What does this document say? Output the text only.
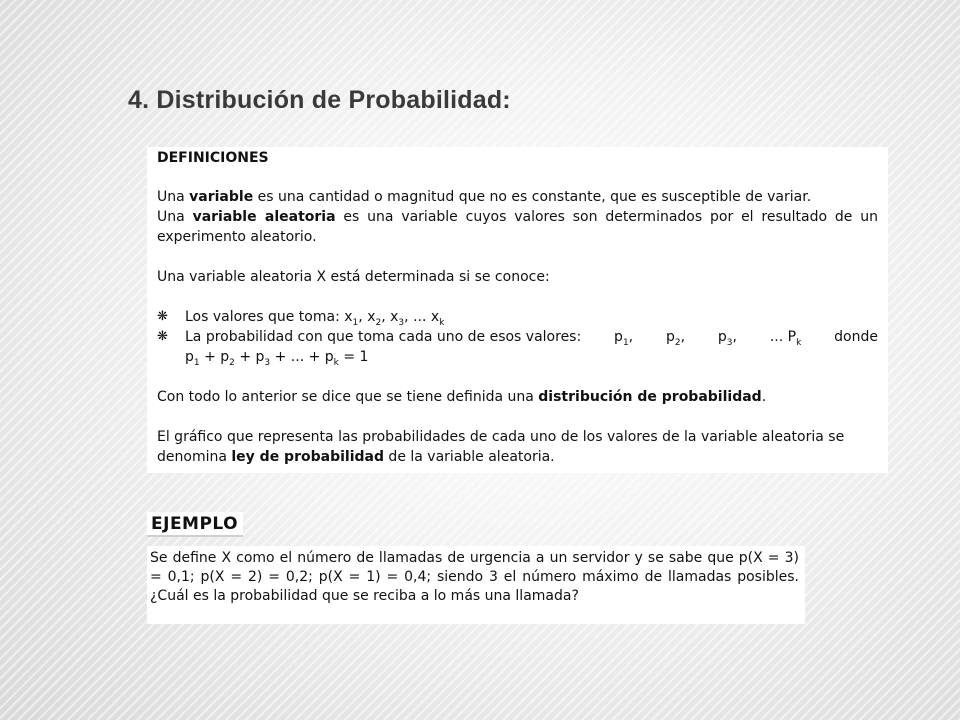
4. Distribución de Probabilidad:

DEFINICIONES

Una variable es una cantidad o magnitud que no es constante, que es susceptible de variar.

Una variable aleatoria es una variable cuyos valores son determinados por el resultado de un experimento aleatorio.

Una variable aleatoria X está determinada si se conoce:

❋	Los valores que toma: $x_1$, $x_2$, $x_3$, ... $x_k$
❋	La probabilidad con que toma cada uno de esos valores: $p_1$, $p_2$, $p_3$, ... $P_k$ donde

$p_1 + p_2 + p_3$ + ... + $p_k = 1$

Con todo lo anterior se dice que se tiene definida una distribución de probabilidad.

El gráfico que representa las probabilidades de cada uno de los valores de la variable aleatoria se denomina ley de probabilidad de la variable aleatoria.

EJEMPLO

Se define X como el número de llamadas de urgencia a un servidor y se sabe que p(X = 3) = 0,1; p(X = 2) = 0,2; p(X = 1) = 0,4; siendo 3 el número máximo de llamadas posibles. ¿Cuál es la probabilidad que se reciba a lo más una llamada?
